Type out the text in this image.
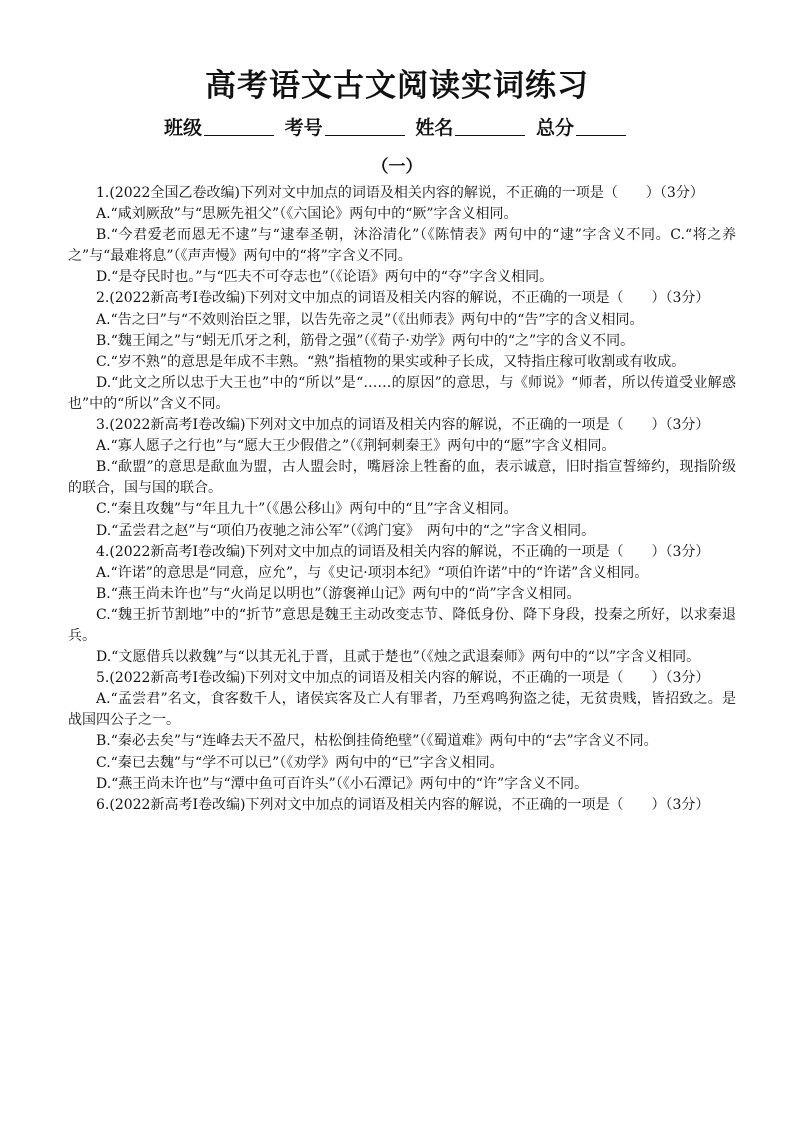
高考语文古文阅读实词练习
班级	考号	姓名	总分
（一）

1.(2022全国乙卷改编)下列对文中加点的词语及相关内容的解说，不正确的一项是（　　）（3分）

A.“咸刘厥敌”与“思厥先祖父”（《六国论》两句中的“厥”字含义相同。

B.“今君爱老而恩无不逮”与“逮奉圣朝，沐浴清化”（《陈情表》两句中的“逮”字含义不同。C.“将之养之”与“最难将息”（《声声慢》两句中的“将”字含义不同。

D.“是夺民时也。”与“匹夫不可夺志也”（《论语》两句中的“夺”字含义相同。

2.(2022新高考Ⅰ卷改编)下列对文中加点的词语及相关内容的解说，不正确的一项是（　　）（3分）

A.“告之曰”与“不效则治臣之罪，以告先帝之灵”（《出师表》两句中的“告”字的含义相同。

B.“魏王闻之”与“蚓无爪牙之利，筋骨之强”（《荀子·劝学》两句中的“之”字的含义不同。

C.“岁不熟”的意思是年成不丰熟。“熟”指植物的果实或种子长成，又特指庄稼可收割或有收成。

D.“此文之所以忠于大王也”中的“所以”是“……的原因”的意思，与《师说》“师者，所以传道受业解惑也”中的“所以”含义不同。

3.(2022新高考Ⅰ卷改编)下列对文中加点的词语及相关内容的解说，不正确的一项是（　　）（3分）

A.“寡人愿子之行也”与“愿大王少假借之”（《荆轲刺秦王》两句中的“愿”字含义相同。

B.“歃盟”的意思是歃血为盟，古人盟会时，嘴唇涂上牲畜的血，表示诚意，旧时指宣誓缔约，现指阶级的联合，国与国的联合。

C.“秦且攻魏”与“年且九十”（《愚公移山》两句中的“且”字含义相同。

D.“孟尝君之赵”与“项伯乃夜驰之沛公军”（《鸿门宴》　两句中的“之”字含义相同。

4.(2022新高考Ⅰ卷改编)下列对文中加点的词语及相关内容的解说，不正确的一项是（　　）（3分）

A.“许诺”的意思是“同意，应允”，与《史记·项羽本纪》“项伯许诺”中的“许诺”含义相同。

B.“燕王尚未许也”与“火尚足以明也”（游褒禅山记》两句中的“尚”字含义相同。

C.“魏王折节割地”中的“折节”意思是魏王主动改变志节、降低身份、降下身段，投秦之所好，以求秦退兵。

D.“文愿借兵以救魏”与“以其无礼于晋，且贰于楚也”（《烛之武退秦师》两句中的“以”字含义相同。

5.(2022新高考Ⅰ卷改编)下列对文中加点的词语及相关内容的解说，不正确的一项是（　　）（3分）

A.“孟尝君”名文，食客数千人，诸侯宾客及亡人有罪者，乃至鸡鸣狗盗之徒，无贫贵贱，皆招致之。是战国四公子之一。

B.“秦必去矣”与“连峰去天不盈尺，枯松倒挂倚绝壁”（《蜀道难》两句中的“去”字含义不同。

C.“秦已去魏”与“学不可以已”（《劝学》两句中的“已”字含义相同。

D.“燕王尚未许也”与“潭中鱼可百许头”（《小石潭记》两句中的“许”字含义不同。

6.(2022新高考Ⅰ卷改编)下列对文中加点的词语及相关内容的解说，不正确的一项是（　　）（3分）
